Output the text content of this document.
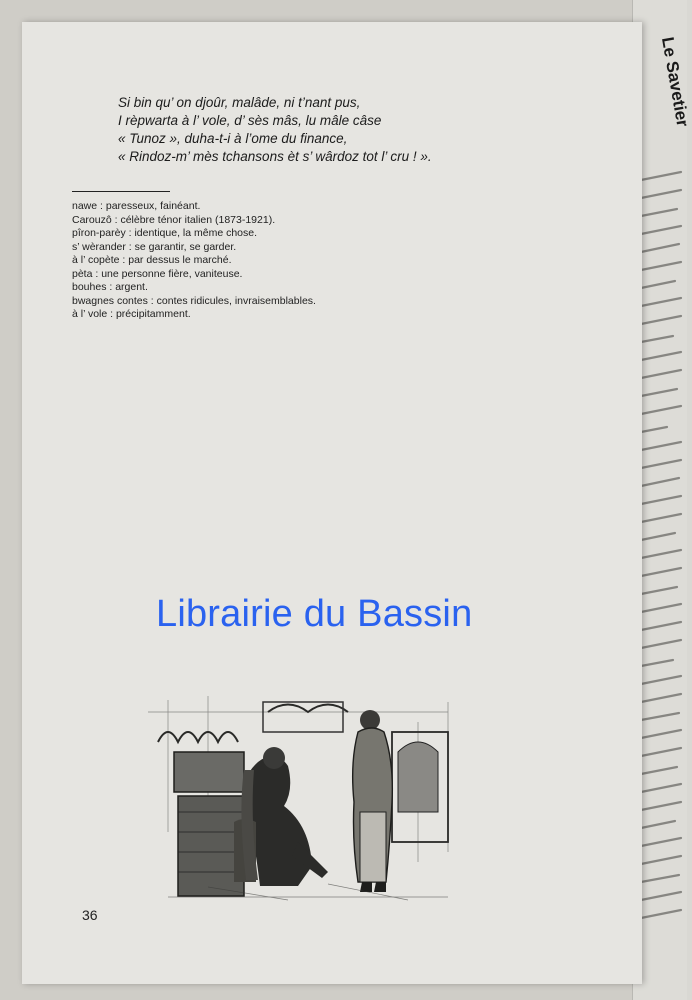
Le Savetier
Si bin qu’ on djoûr, malâde, ni t’nant pus,
I rèpwarta à l’ vole, d’ sès mâs, lu mâle câse
« Tunoz », duha-t-i à l’ome du finance,
« Rindoz-m’ mès tchansons èt s’ wârdoz tot l’ cru ! ».
nawe : paresseux, fainéant.
Carouzô : célèbre ténor italien (1873-1921).
pîron-parèy : identique, la même chose.
s’ wèrander : se garantir, se garder.
à l’ copète : par dessus le marché.
pèta : une personne fière, vaniteuse.
bouhes : argent.
bwagnes contes : contes ridicules, invraisemblables.
à l’ vole : précipitamment.
Librairie du Bassin
36
